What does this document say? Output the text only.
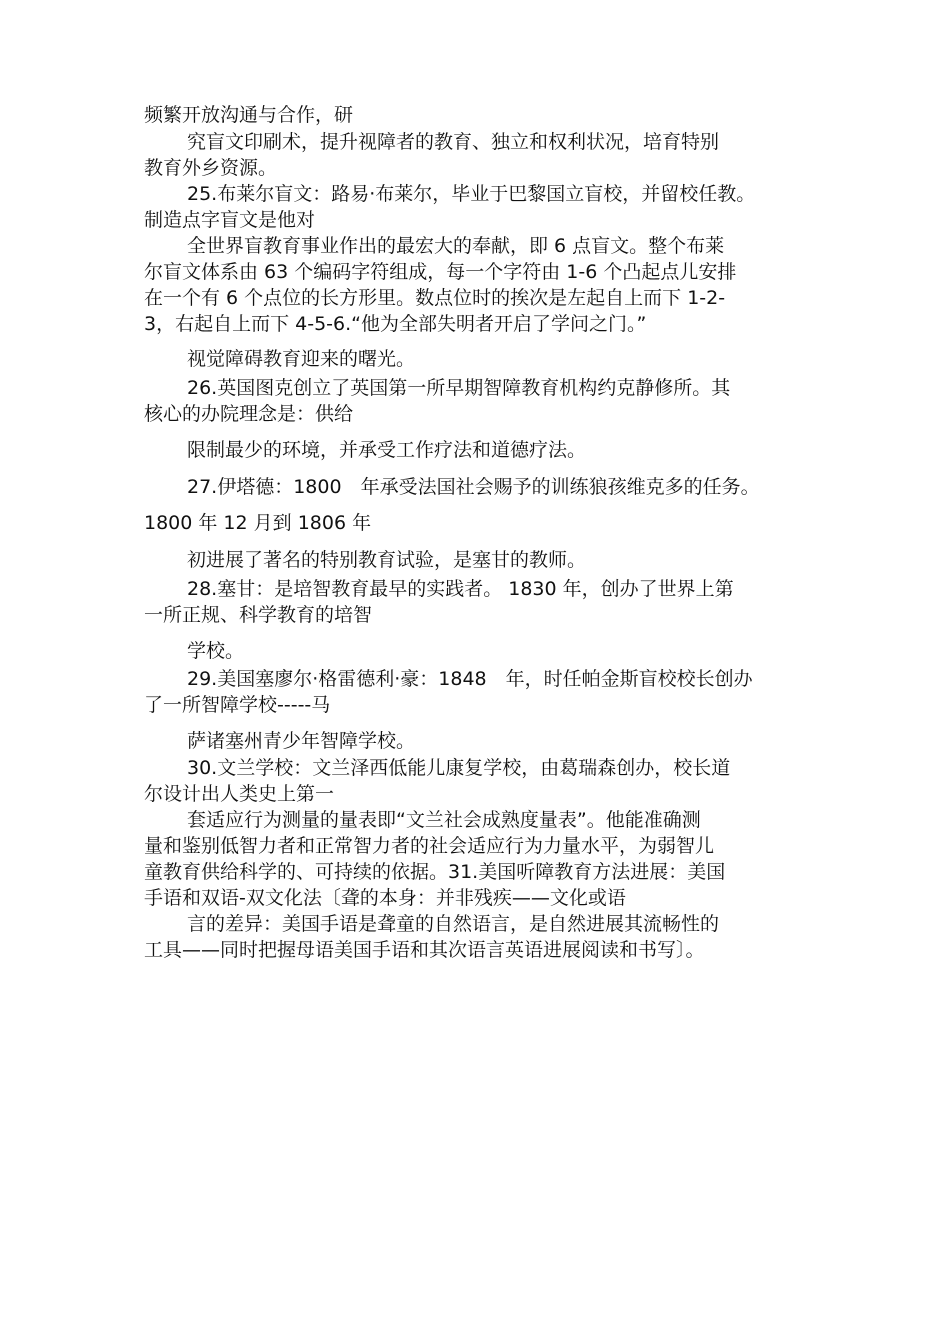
频繁开放沟通与合作，研
究盲文印刷术，提升视障者的教育、独立和权利状况，培育特别
教育外乡资源。
25.布莱尔盲文：路易·布莱尔，毕业于巴黎国立盲校，并留校任教。
制造点字盲文是他对
全世界盲教育事业作出的最宏大的奉献，即 6 点盲文。整个布莱
尔盲文体系由 63 个编码字符组成，每一个字符由 1-6 个凸起点儿安排
在一个有 6 个点位的长方形里。数点位时的挨次是左起自上而下 1-2-
3，右起自上而下 4-5-6.“他为全部失明者开启了学问之门。”
视觉障碍教育迎来的曙光。
26.英国图克创立了英国第一所早期智障教育机构约克静修所。其
核心的办院理念是：供给
限制最少的环境，并承受工作疗法和道德疗法。
27.伊塔德：1800　年承受法国社会赐予的训练狼孩维克多的任务。
1800 年 12 月到 1806 年
初进展了著名的特别教育试验，是塞甘的教师。
28.塞甘：是培智教育最早的实践者。 1830 年，创办了世界上第
一所正规、科学教育的培智
学校。
29.美国塞廖尔·格雷德利·豪：1848　年，时任帕金斯盲校校长创办
了一所智障学校-----马
萨诸塞州青少年智障学校。
30.文兰学校：文兰泽西低能儿康复学校，由葛瑞森创办，校长道
尔设计出人类史上第一
套适应行为测量的量表即“文兰社会成熟度量表”。他能准确测
量和鉴别低智力者和正常智力者的社会适应行为力量水平，为弱智儿
童教育供给科学的、可持续的依据。31.美国听障教育方法进展：美国
手语和双语-双文化法〔聋的本身：并非残疾——文化或语
言的差异：美国手语是聋童的自然语言，是自然进展其流畅性的
工具——同时把握母语美国手语和其次语言英语进展阅读和书写〕。
